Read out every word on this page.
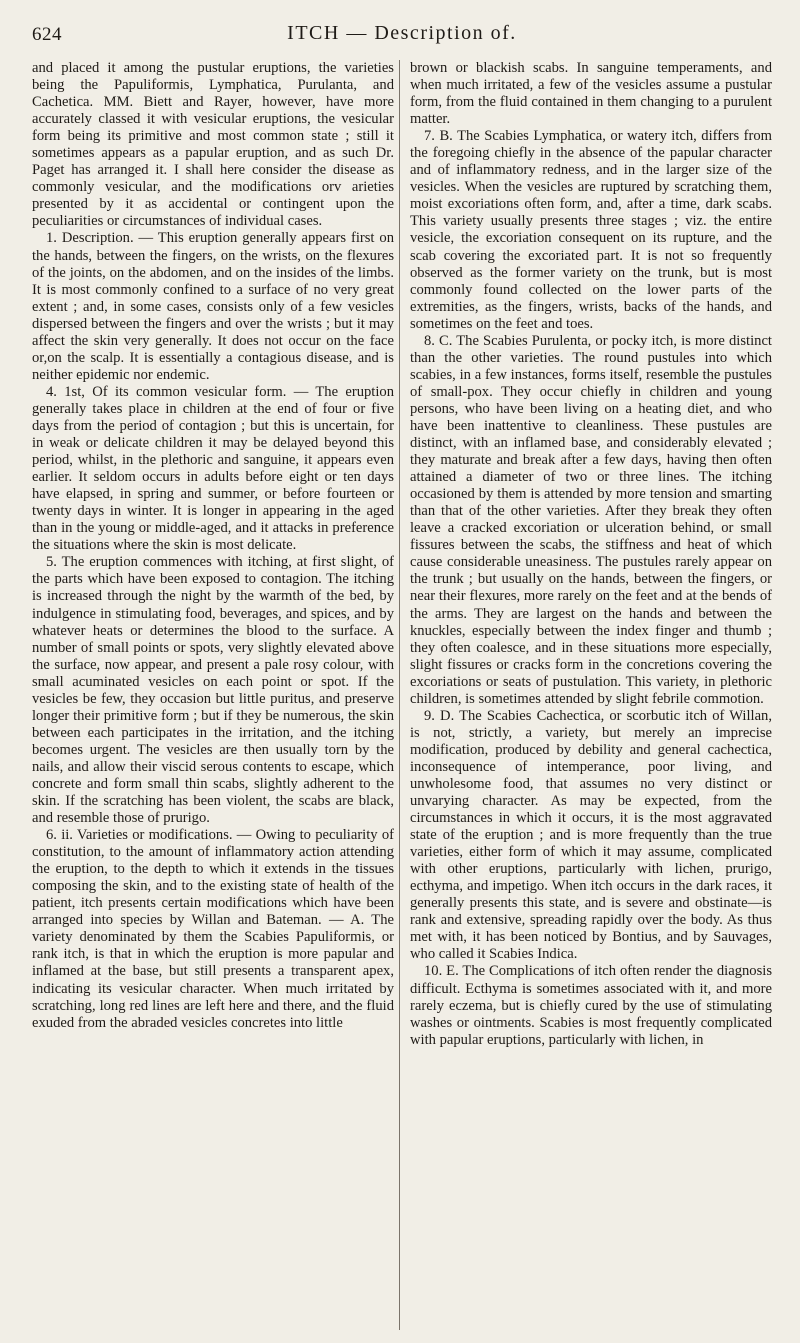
624	ITCH — Description of.

and placed it among the pustular eruptions, the varieties being the Papuliformis, Lymphatica, Purulanta, and Cachetica. MM. Biett and Rayer, however, have more accurately classed it with vesicular eruptions, the vesicular form being its primitive and most common state ; still it sometimes appears as a papular eruption, and as such Dr. Paget has arranged it. I shall here consider the disease as commonly vesicular, and the modifications orv arieties presented by it as accidental or contingent upon the peculiarities or circumstances of individual cases.

1. Description. — This eruption generally appears first on the hands, between the fingers, on the wrists, on the flexures of the joints, on the abdomen, and on the insides of the limbs. It is most commonly confined to a surface of no very great extent ; and, in some cases, consists only of a few vesicles dispersed between the fingers and over the wrists ; but it may affect the skin very generally. It does not occur on the face or,on the scalp. It is essentially a contagious disease, and is neither epidemic nor endemic.

4. 1st, Of its common vesicular form. — The eruption generally takes place in children at the end of four or five days from the period of contagion ; but this is uncertain, for in weak or delicate children it may be delayed beyond this period, whilst, in the plethoric and sanguine, it appears even earlier. It seldom occurs in adults before eight or ten days have elapsed, in spring and summer, or before fourteen or twenty days in winter. It is longer in appearing in the aged than in the young or middle-aged, and it attacks in preference the situations where the skin is most delicate.

5. The eruption commences with itching, at first slight, of the parts which have been exposed to contagion. The itching is increased through the night by the warmth of the bed, by indulgence in stimulating food, beverages, and spices, and by whatever heats or determines the blood to the surface. A number of small points or spots, very slightly elevated above the surface, now appear, and present a pale rosy colour, with small acuminated vesicles on each point or spot. If the vesicles be few, they occasion but little puritus, and preserve longer their primitive form ; but if they be numerous, the skin between each participates in the irritation, and the itching becomes urgent. The vesicles are then usually torn by the nails, and allow their viscid serous contents to escape, which concrete and form small thin scabs, slightly adherent to the skin. If the scratching has been violent, the scabs are black, and resemble those of prurigo.

6. ii. Varieties or modifications. — Owing to peculiarity of constitution, to the amount of inflammatory action attending the eruption, to the depth to which it extends in the tissues composing the skin, and to the existing state of health of the patient, itch presents certain modifications which have been arranged into species by Willan and Bateman. — A. The variety denominated by them the Scabies Papuliformis, or rank itch, is that in which the eruption is more papular and inflamed at the base, but still presents a transparent apex, indicating its vesicular character. When much irritated by scratching, long red lines are left here and there, and the fluid exuded from the abraded vesicles concretes into little

brown or blackish scabs. In sanguine temperaments, and when much irritated, a few of the vesicles assume a pustular form, from the fluid contained in them changing to a purulent matter.

7. B. The Scabies Lymphatica, or watery itch, differs from the foregoing chiefly in the absence of the papular character and of inflammatory redness, and in the larger size of the vesicles. When the vesicles are ruptured by scratching them, moist excoriations often form, and, after a time, dark scabs. This variety usually presents three stages ; viz. the entire vesicle, the excoriation consequent on its rupture, and the scab covering the excoriated part. It is not so frequently observed as the former variety on the trunk, but is most commonly found collected on the lower parts of the extremities, as the fingers, wrists, backs of the hands, and sometimes on the feet and toes.

8. C. The Scabies Purulenta, or pocky itch, is more distinct than the other varieties. The round pustules into which scabies, in a few instances, forms itself, resemble the pustules of small-pox. They occur chiefly in children and young persons, who have been living on a heating diet, and who have been inattentive to cleanliness. These pustules are distinct, with an inflamed base, and considerably elevated ; they maturate and break after a few days, having then often attained a diameter of two or three lines. The itching occasioned by them is attended by more tension and smarting than that of the other varieties. After they break they often leave a cracked excoriation or ulceration behind, or small fissures between the scabs, the stiffness and heat of which cause considerable uneasiness. The pustules rarely appear on the trunk ; but usually on the hands, between the fingers, or near their flexures, more rarely on the feet and at the bends of the arms. They are largest on the hands and between the knuckles, especially between the index finger and thumb ; they often coalesce, and in these situations more especially, slight fissures or cracks form in the concretions covering the excoriations or seats of pustulation. This variety, in plethoric children, is sometimes attended by slight febrile commotion.

9. D. The Scabies Cachectica, or scorbutic itch of Willan, is not, strictly, a variety, but merely an imprecise modification, produced by debility and general cachectica, inconsequence of intemperance, poor living, and unwholesome food, that assumes no very distinct or unvarying character. As may be expected, from the circumstances in which it occurs, it is the most aggravated state of the eruption ; and is more frequently than the true varieties, either form of which it may assume, complicated with other eruptions, particularly with lichen, prurigo, ecthyma, and impetigo. When itch occurs in the dark races, it generally presents this state, and is severe and obstinate—is rank and extensive, spreading rapidly over the body. As thus met with, it has been noticed by Bontius, and by Sauvages, who called it Scabies Indica.

10. E. The Complications of itch often render the diagnosis difficult. Ecthyma is sometimes associated with it, and more rarely eczema, but is chiefly cured by the use of stimulating washes or ointments. Scabies is most frequently complicated with papular eruptions, particularly with lichen, in
